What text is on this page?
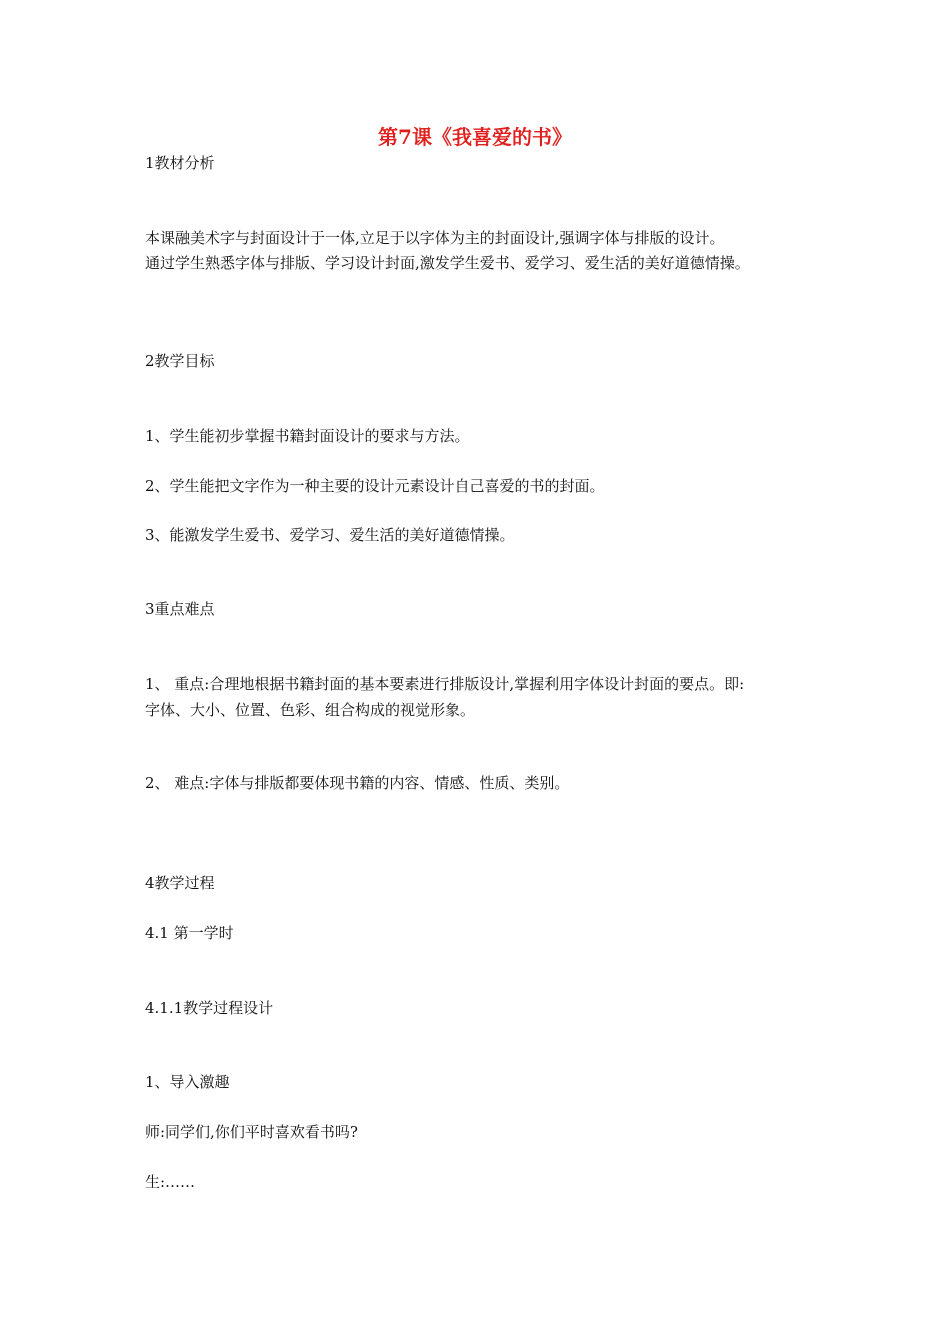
第7课《我喜爱的书》

1教材分析

本课融美术字与封面设计于一体,立足于以字体为主的封面设计,强调字体与排版的设计。

通过学生熟悉字体与排版、学习设计封面,激发学生爱书、爱学习、爱生活的美好道德情操。

2教学目标

1、学生能初步掌握书籍封面设计的要求与方法。

2、学生能把文字作为一种主要的设计元素设计自己喜爱的书的封面。

3、能激发学生爱书、爱学习、爱生活的美好道德情操。

3重点难点

1、 重点:合理地根据书籍封面的基本要素进行排版设计,掌握利用字体设计封面的要点。即:

字体、大小、位置、色彩、组合构成的视觉形象。

2、 难点:字体与排版都要体现书籍的内容、情感、性质、类别。

4教学过程

4.1 第一学时

4.1.1教学过程设计

1、导入激趣

师:同学们,你们平时喜欢看书吗?

生:……
